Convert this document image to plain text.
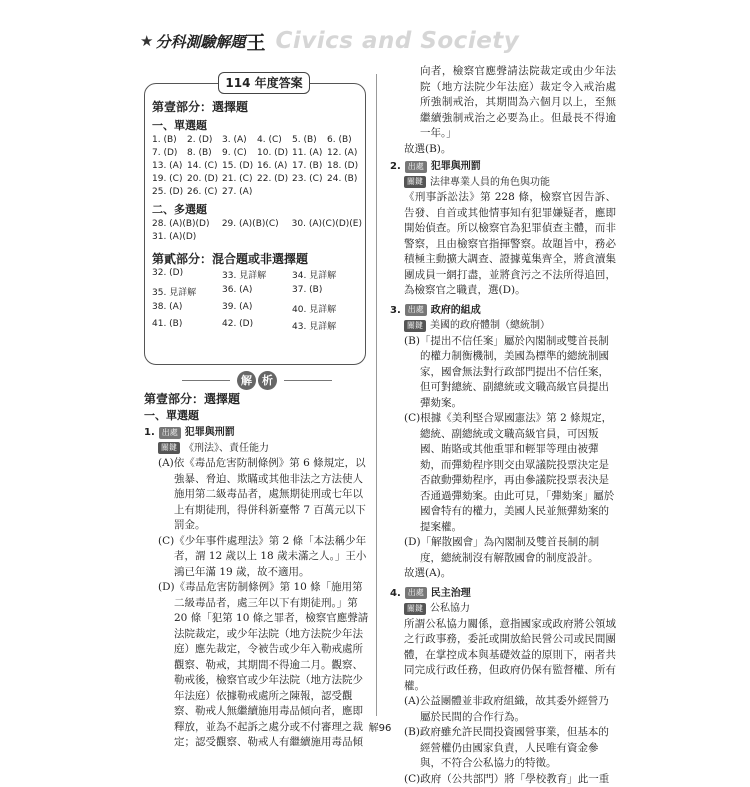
★ 分科測驗解題 王 Civics and Society
114 年度答案
第壹部分：選擇題
一、單選題
1. (B)	2. (D)	3. (A)	4. (C)	5. (B)	6. (B)
7. (D)	8. (B)	9. (C)	10. (D) 11. (A) 12. (A)
13. (A) 14. (C) 15. (D) 16. (A) 17. (B) 18. (D)
19. (C) 20. (D) 21. (C) 22. (D) 23. (C) 24. (B)
25. (D) 26. (C) 27. (A)
二、多選題
28. (A)(B)(D)	29. (A)(B)(C)	30. (A)(C)(D)(E)
31. (A)(D)
第貳部分：混合題或非選擇題
32. (D)	33. 見詳解	34. 見詳解
35. 見詳解	36. (A)	37. (B)
38. (A)	39. (A)	40. 見詳解
41. (B)	42. (D)	43. 見詳解
解 析
第壹部分：選擇題
一、單選題
1. 出處 犯罪與刑罰
關鍵 《刑法》、責任能力
(A)依《毒品危害防制條例》第 6 條規定，以強暴、脅迫、欺瞞或其他非法之方法使人施用第二級毒品者，處無期徒刑或七年以上有期徒刑，得併科新臺幣 7 百萬元以下罰金。
(C)《少年事件處理法》第 2 條「本法稱少年者，謂 12 歲以上 18 歲未滿之人。」王小鴻已年滿 19 歲，故不適用。
(D)《毒品危害防制條例》第 10 條「施用第二級毒品者，處三年以下有期徒刑。」第 20 條「犯第 10 條之罪者，檢察官應聲請法院裁定，或少年法院（地方法院少年法庭）應先裁定，令被告或少年入勒戒處所觀察、勒戒，其期間不得逾二月。觀察、勒戒後，檢察官或少年法院（地方法院少年法庭）依據勒戒處所之陳報，認受觀察、勒戒人無繼續施用毒品傾向者，應即釋放，並為不起訴之處分或不付審理之裁定；認受觀察、勒戒人有繼續施用毒品傾
向者，檢察官應聲請法院裁定或由少年法院（地方法院少年法庭）裁定令入戒治處所強制戒治，其期間為六個月以上，至無繼續強制戒治之必要為止。但最長不得逾一年。」
故選(B)。
2. 出處 犯罪與刑罰
關鍵 法律專業人員的角色與功能
《刑事訴訟法》第 228 條，檢察官因告訴、告發、自首或其他情事知有犯罪嫌疑者，應即開始偵查。所以檢察官為犯罪偵查主體，而非警察，且由檢察官指揮警察。故題旨中，務必積極主動擴大調查、證據蒐集齊全，將貪瀆集團成員一網打盡，並將貪污之不法所得追回，為檢察官之職責，選(D)。
3. 出處 政府的組成
關鍵 美國的政府體制（總統制）
(B)「提出不信任案」屬於內閣制或雙首長制的權力制衡機制，美國為標準的總統制國家，國會無法對行政部門提出不信任案，但可對總統、副總統或文職高級官員提出彈劾案。
(C)根據《美利堅合眾國憲法》第 2 條規定，總統、副總統或文職高級官員，可因叛國、賄賂或其他重罪和輕罪等理由被彈劾，而彈劾程序則交由眾議院投票決定是否啟動彈劾程序，再由參議院投票表決是否通過彈劾案。由此可見，「彈劾案」屬於國會特有的權力，美國人民並無彈劾案的提案權。
(D)「解散國會」為內閣制及雙首長制的制度，總統制沒有解散國會的制度設計。
故選(A)。
4. 出處 民主治理
關鍵 公私協力
所謂公私協力關係，意指國家或政府將公領域之行政事務，委託或開放給民營公司或民間團體，在掌控成本與基礎效益的原則下，兩者共同完成行政任務，但政府仍保有監督權、所有權。
(A)公益團體並非政府組織，故其委外經營乃屬於民間的合作行為。
(B)政府雖允許民間投資國營事業，但基本的經營權仍由國家負責，人民唯有資金參與，不符合公私協力的特徵。
(C)政府（公共部門）將「學校教育」此一重
解96
